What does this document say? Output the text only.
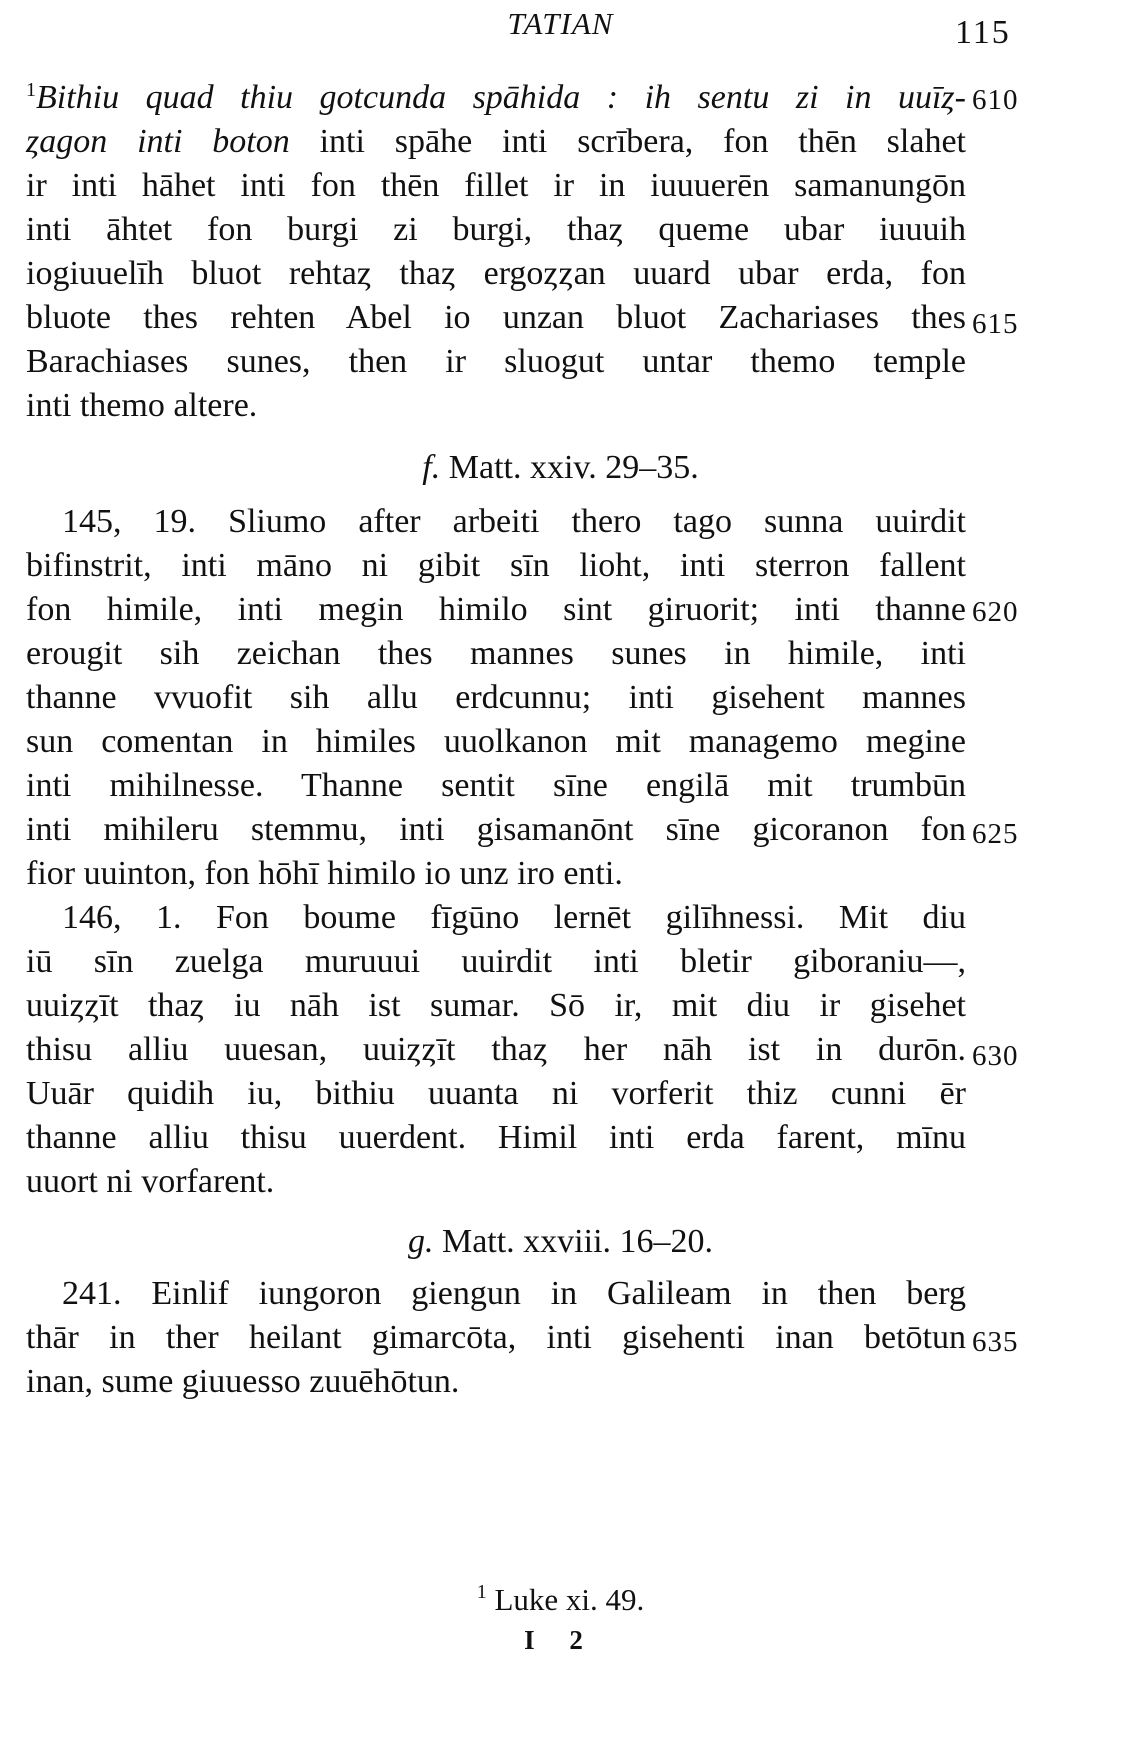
TATIAN	115
$^1$Bithiu quad thiu gotcunda spāhida : ih sentu zi in uuīȥ-
ȥagon inti boton inti spāhe inti scrībera, fon thēn slahet
ir inti hāhet inti fon thēn fillet ir in iuuuerēn samanungōn
inti āhtet fon burgi zi burgi, thaȥ queme ubar iuuuih
iogiuuelīh bluot rehtaȥ thaȥ ergoȥȥan uuard ubar erda, fon
bluote thes rehten Abel io unzan bluot Zachariases thes
Barachiases sunes, then ir sluogut untar themo temple
inti themo altere.
f. Matt. xxiv. 29–35.
145, 19. Sliumo after arbeiti thero tago sunna uuirdit
bifinstrit, inti māno ni gibit sīn lioht, inti sterron fallent
fon himile, inti megin himilo sint giruorit; inti thanne
erougit sih zeichan thes mannes sunes in himile, inti
thanne vvuofit sih allu erdcunnu; inti gisehent mannes
sun comentan in himiles uuolkanon mit managemo megine
inti mihilnesse. Thanne sentit sīne engilā mit trumbūn
inti mihileru stemmu, inti gisamanōnt sīne gicoranon fon
fior uuinton, fon hōhī himilo io unz iro enti.
146, 1. Fon boume fīgūno lernēt gilīhnessi. Mit diu
iū sīn zuelga muruuui uuirdit inti bletir giboraniu—,
uuiȥȥīt thaȥ iu nāh ist sumar. Sō ir, mit diu ir gisehet
thisu alliu uuesan, uuiȥȥīt thaȥ her nāh ist in durōn.
Uuār quidih iu, bithiu uuanta ni vorferit thiz cunni ēr
thanne alliu thisu uuerdent. Himil inti erda farent, mīnu
uuort ni vorfarent.
g. Matt. xxviii. 16–20.
241. Einlif iungoron giengun in Galileam in then berg
thār in ther heilant gimarcōta, inti gisehenti inan betōtun
inan, sume giuuesso zuuēhōtun.
610
615
620
625
630
635
$^1$ Luke xi. 49.
I 2
